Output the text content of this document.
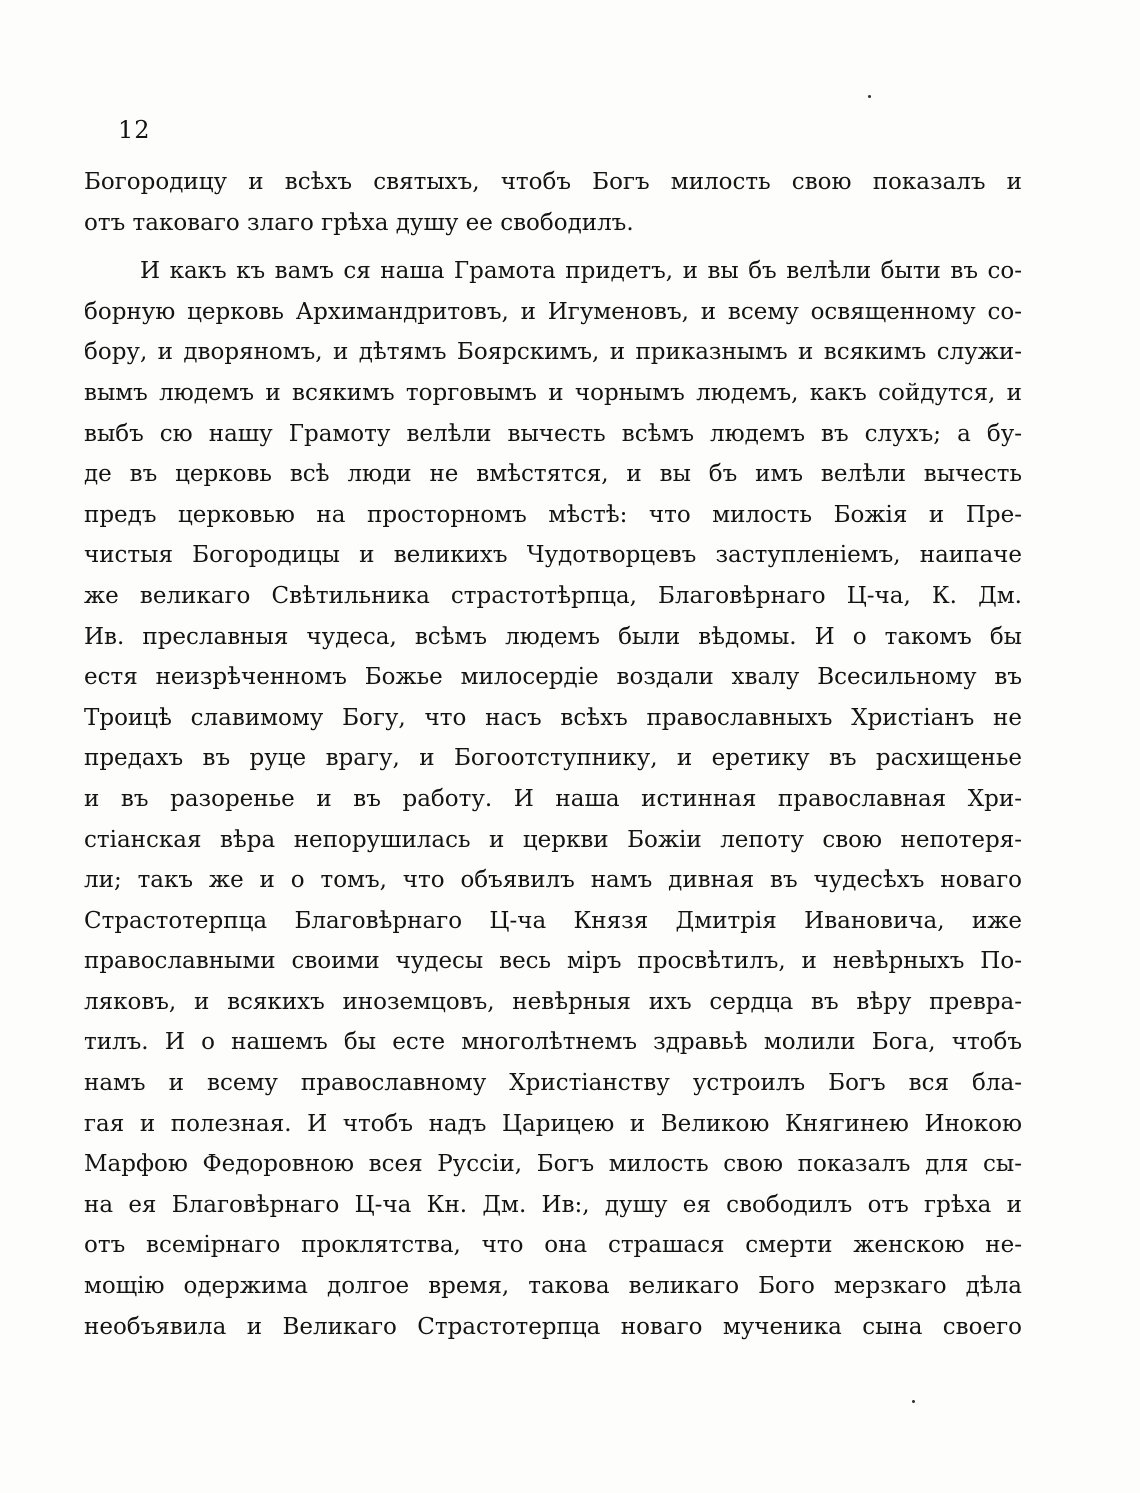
12
Богородицу и всѣхъ святыхъ, чтобъ Богъ милость свою показалъ и
отъ таковаго злаго грѣха душу ее свободилъ.
И какъ къ вамъ ся наша Грамота придетъ, и вы бъ велѣли быти въ со-
борную церковь Архимандритовъ, и Игуменовъ, и всему освященному со-
бору, и дворяномъ, и дѣтямъ Боярскимъ, и приказнымъ и всякимъ служи-
вымъ людемъ и всякимъ торговымъ и чорнымъ людемъ, какъ сойдутся, и
выбъ сю нашу Грамоту велѣли вычесть всѣмъ людемъ въ слухъ; а бу-
де въ церковь всѣ люди не вмѣстятся, и вы бъ имъ велѣли вычесть
предъ церковью на просторномъ мѣстѣ: что милость Божія и Пре-
чистыя Богородицы и великихъ Чудотворцевъ заступленіемъ, наипаче
же великаго Свѣтильника страстотѣрпца, Благовѣрнаго Ц-ча, К. Дм.
Ив. преславныя чудеса, всѣмъ людемъ были вѣдомы. И о такомъ бы
естя неизрѣченномъ Божье милосердіе воздали хвалу Всесильному въ
Троицѣ славимому Богу, что насъ всѣхъ православныхъ Христіанъ не
предахъ въ руце врагу, и Богоотступнику, и еретику въ расхищенье
и въ разоренье и въ работу. И наша истинная православная Хри-
стіанская вѣра непорушилась и церкви Божіи лепоту свою непотеря-
ли; такъ же и о томъ, что объявилъ намъ дивная въ чудесѣхъ новаго
Страстотерпца Благовѣрнаго Ц-ча Князя Дмитрія Ивановича, иже
православными своими чудесы весь міръ просвѣтилъ, и невѣрныхъ По-
ляковъ, и всякихъ иноземцовъ, невѣрныя ихъ сердца въ вѣру превра-
тилъ. И о нашемъ бы естe многолѣтнемъ здравьѣ молили Бога, чтобъ
намъ и всему православному Христіанству устроилъ Богъ вся бла-
гая и полезная. И чтобъ надъ Царицею и Великою Княгинею Инокою
Марфою Федоровною всея Руссіи, Богъ милость свою показалъ для сы-
на ея Благовѣрнаго Ц-ча Кн. Дм. Ив:, душу ея свободилъ отъ грѣха и
отъ всемірнаго проклятства, что она страшася смерти женскою не-
мощію одержима долгое время, такова великаго Бого мерзкаго дѣла
необъявила и Великаго Страстотерпца новаго мученика сына своего
